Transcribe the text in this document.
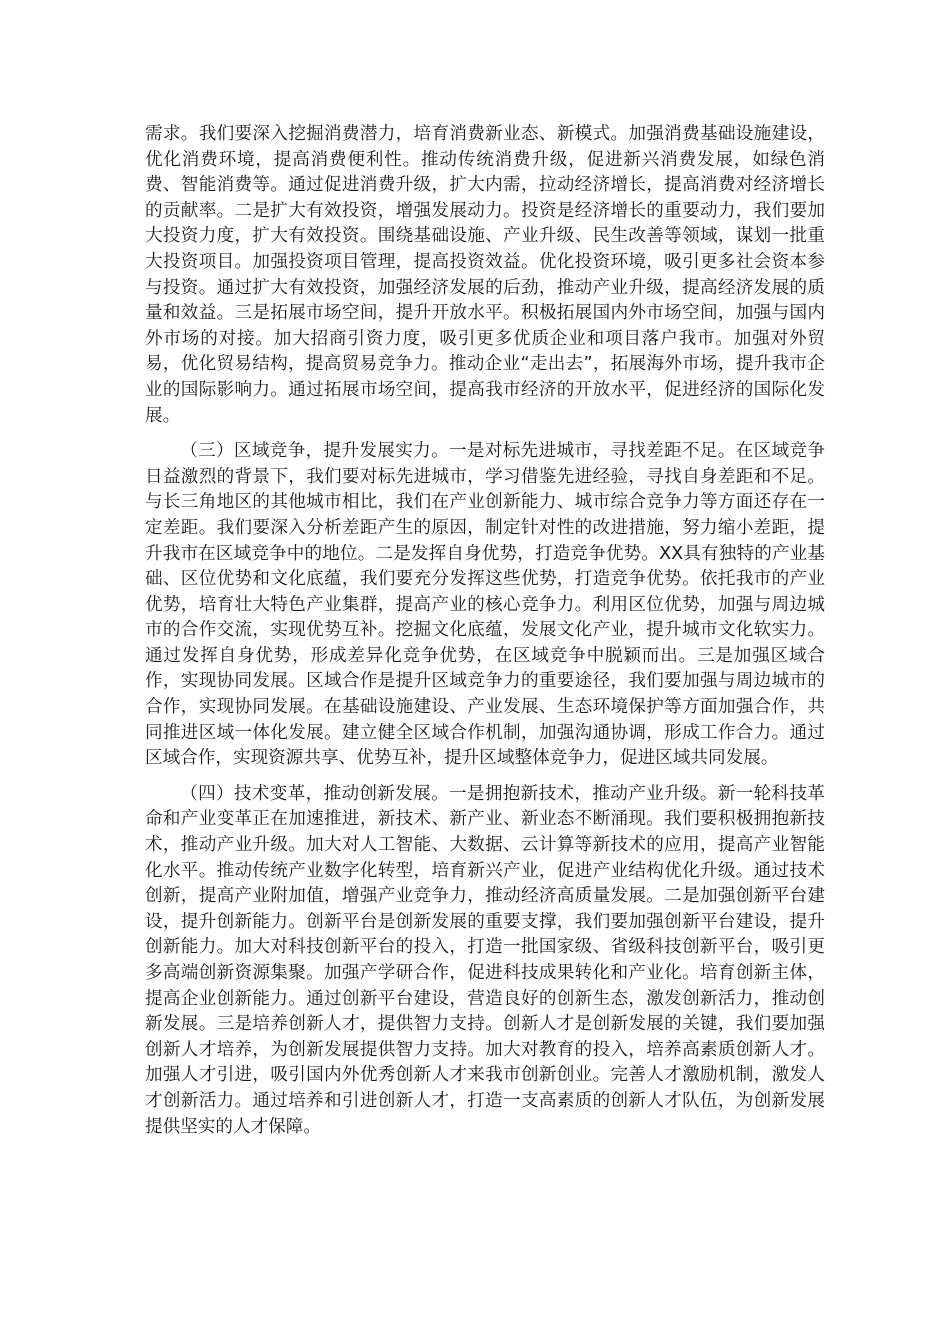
需求。我们要深入挖掘消费潜力，培育消费新业态、新模式。加强消费基础设施建设，优化消费环境，提高消费便利性。推动传统消费升级，促进新兴消费发展，如绿色消费、智能消费等。通过促进消费升级，扩大内需，拉动经济增长，提高消费对经济增长的贡献率。二是扩大有效投资，增强发展动力。投资是经济增长的重要动力，我们要加大投资力度，扩大有效投资。围绕基础设施、产业升级、民生改善等领域，谋划一批重大投资项目。加强投资项目管理，提高投资效益。优化投资环境，吸引更多社会资本参与投资。通过扩大有效投资，加强经济发展的后劲，推动产业升级，提高经济发展的质量和效益。三是拓展市场空间，提升开放水平。积极拓展国内外市场空间，加强与国内外市场的对接。加大招商引资力度，吸引更多优质企业和项目落户我市。加强对外贸易，优化贸易结构，提高贸易竞争力。推动企业“走出去”，拓展海外市场，提升我市企业的国际影响力。通过拓展市场空间，提高我市经济的开放水平，促进经济的国际化发展。

（三）区域竞争，提升发展实力。一是对标先进城市，寻找差距不足。在区域竞争日益激烈的背景下，我们要对标先进城市，学习借鉴先进经验，寻找自身差距和不足。与长三角地区的其他城市相比，我们在产业创新能力、城市综合竞争力等方面还存在一定差距。我们要深入分析差距产生的原因，制定针对性的改进措施，努力缩小差距，提升我市在区域竞争中的地位。二是发挥自身优势，打造竞争优势。XX具有独特的产业基础、区位优势和文化底蕴，我们要充分发挥这些优势，打造竞争优势。依托我市的产业优势，培育壮大特色产业集群，提高产业的核心竞争力。利用区位优势，加强与周边城市的合作交流，实现优势互补。挖掘文化底蕴，发展文化产业，提升城市文化软实力。通过发挥自身优势，形成差异化竞争优势，在区域竞争中脱颖而出。三是加强区域合作，实现协同发展。区域合作是提升区域竞争力的重要途径，我们要加强与周边城市的合作，实现协同发展。在基础设施建设、产业发展、生态环境保护等方面加强合作，共同推进区域一体化发展。建立健全区域合作机制，加强沟通协调，形成工作合力。通过区域合作，实现资源共享、优势互补，提升区域整体竞争力，促进区域共同发展。

（四）技术变革，推动创新发展。一是拥抱新技术，推动产业升级。新一轮科技革命和产业变革正在加速推进，新技术、新产业、新业态不断涌现。我们要积极拥抱新技术，推动产业升级。加大对人工智能、大数据、云计算等新技术的应用，提高产业智能化水平。推动传统产业数字化转型，培育新兴产业，促进产业结构优化升级。通过技术创新，提高产业附加值，增强产业竞争力，推动经济高质量发展。二是加强创新平台建设，提升创新能力。创新平台是创新发展的重要支撑，我们要加强创新平台建设，提升创新能力。加大对科技创新平台的投入，打造一批国家级、省级科技创新平台，吸引更多高端创新资源集聚。加强产学研合作，促进科技成果转化和产业化。培育创新主体，提高企业创新能力。通过创新平台建设，营造良好的创新生态，激发创新活力，推动创新发展。三是培养创新人才，提供智力支持。创新人才是创新发展的关键，我们要加强创新人才培养，为创新发展提供智力支持。加大对教育的投入，培养高素质创新人才。加强人才引进，吸引国内外优秀创新人才来我市创新创业。完善人才激励机制，激发人才创新活力。通过培养和引进创新人才，打造一支高素质的创新人才队伍，为创新发展提供坚实的人才保障。
